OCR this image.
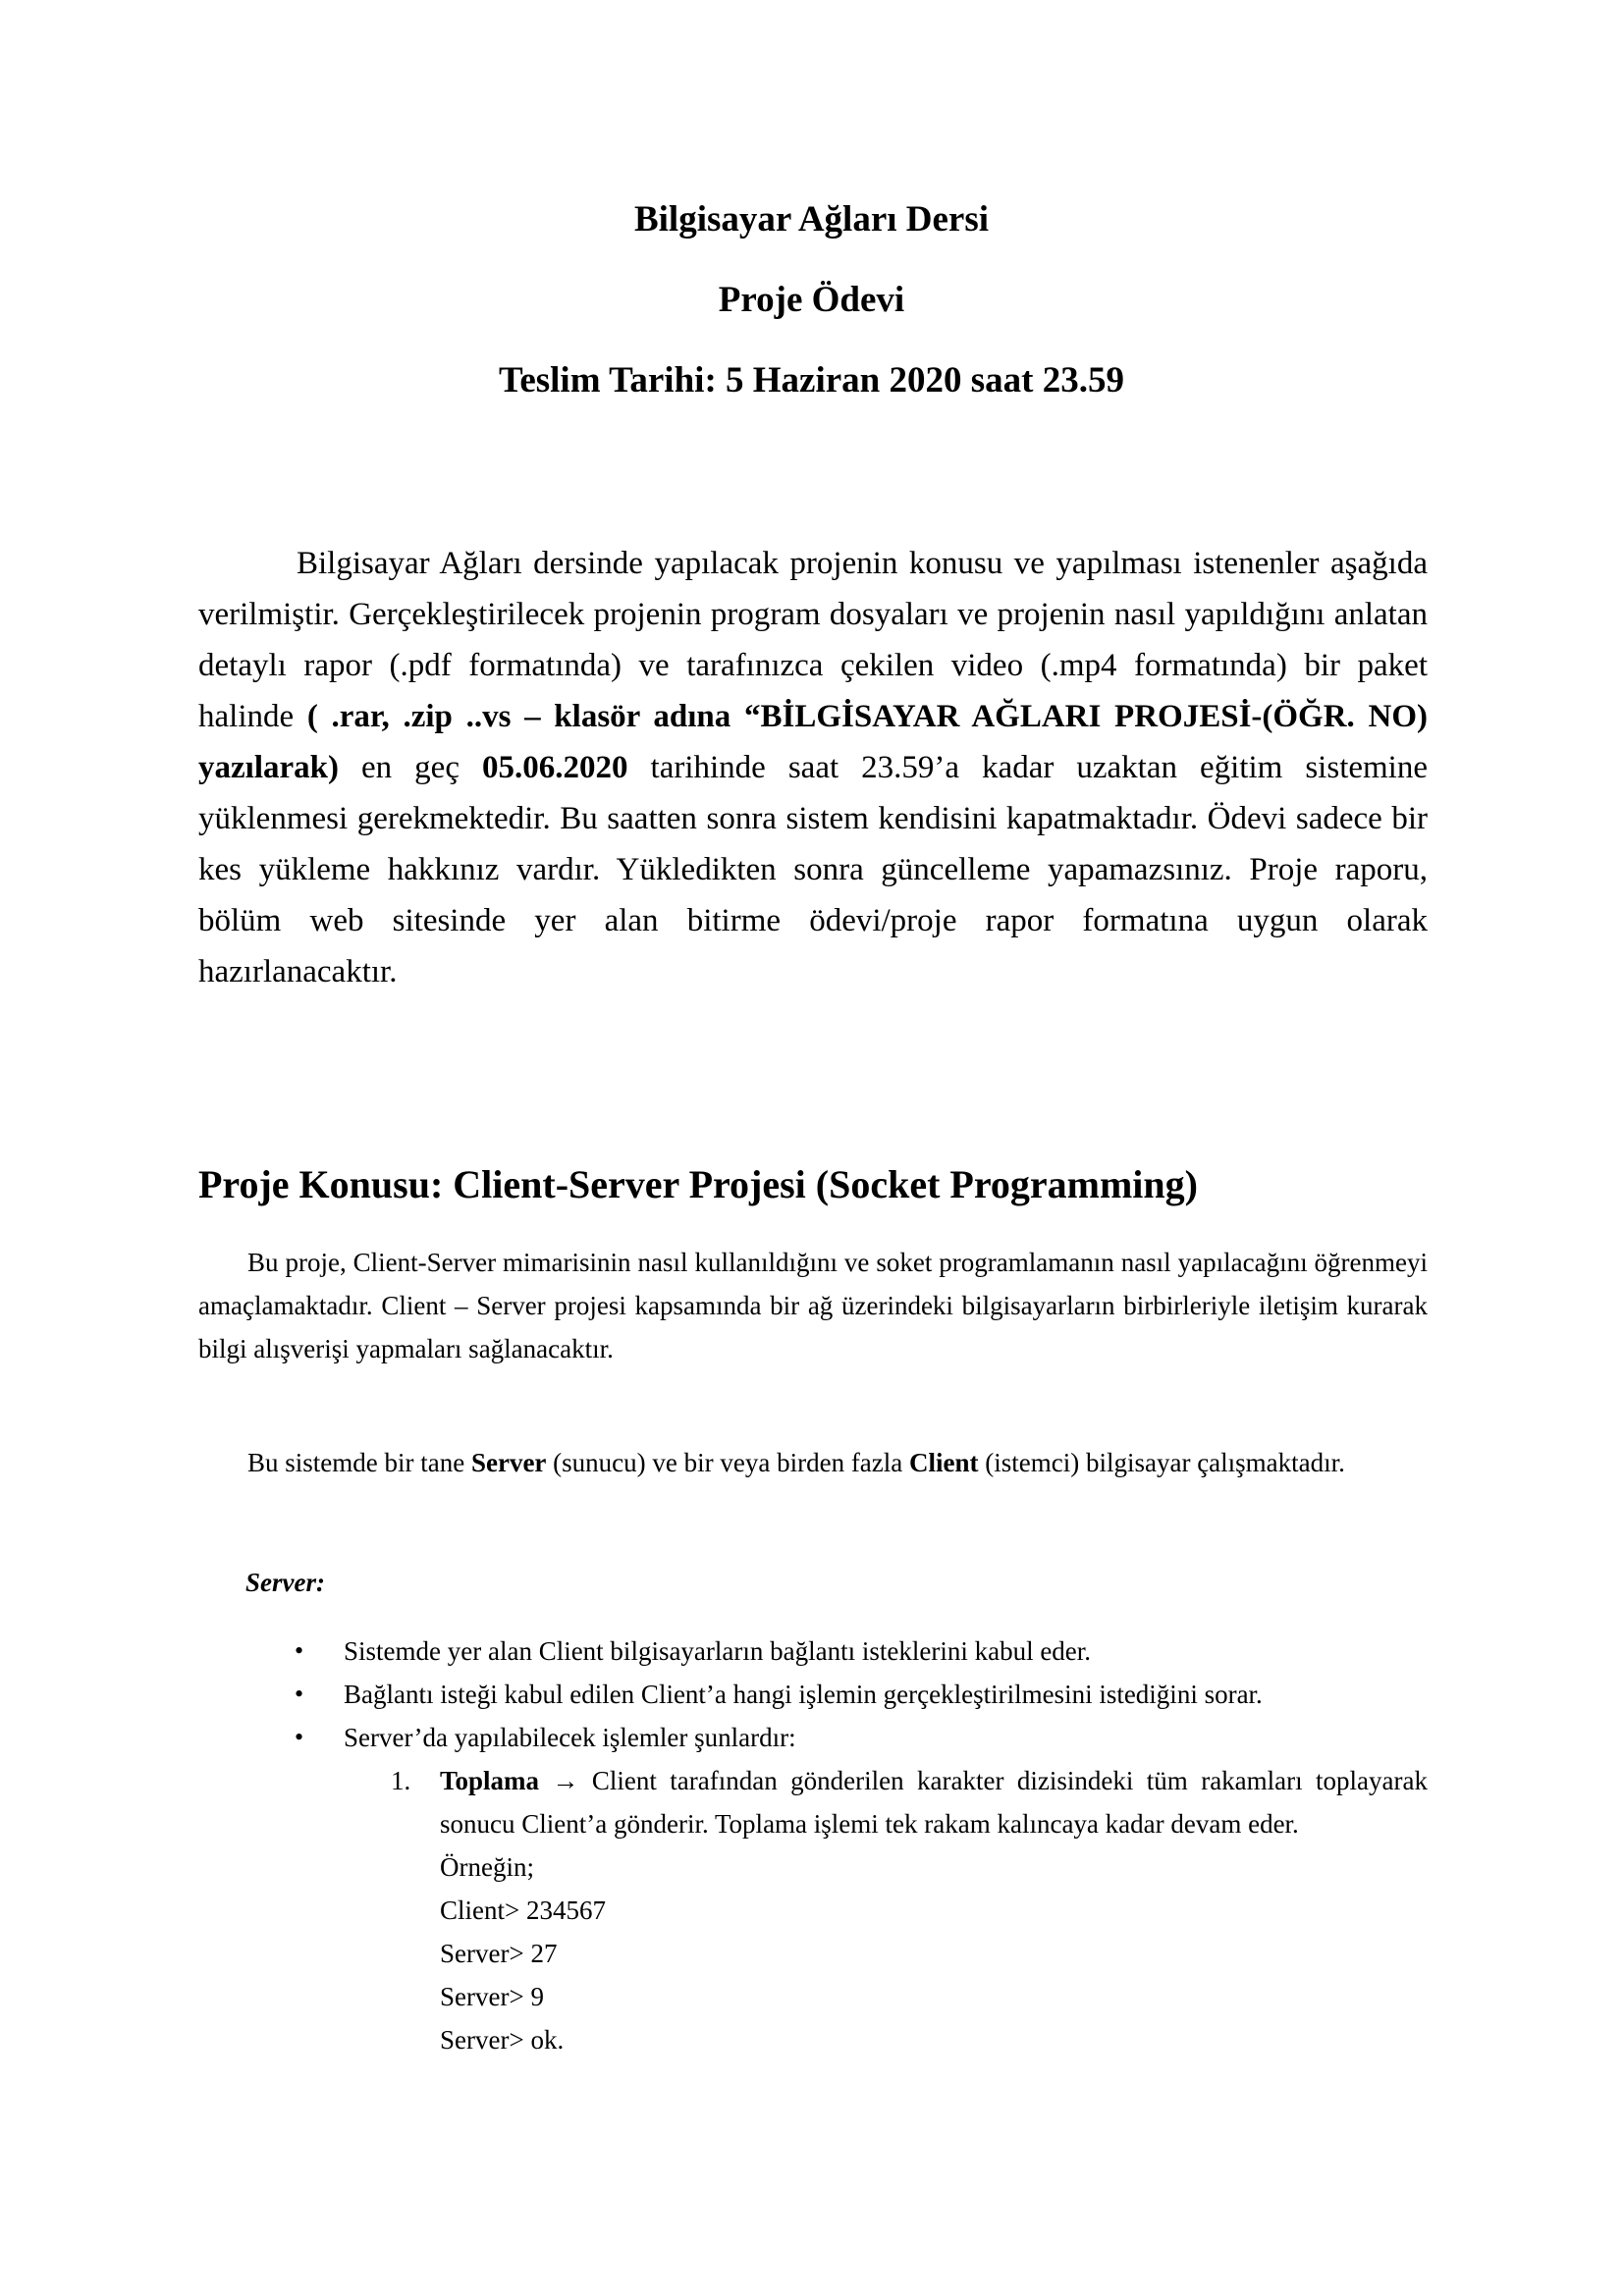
Bilgisayar Ağları Dersi
Proje Ödevi
Teslim Tarihi: 5 Haziran 2020 saat 23.59

Bilgisayar Ağları dersinde yapılacak projenin konusu ve yapılması istenenler aşağıda verilmiştir. Gerçekleştirilecek projenin program dosyaları ve projenin nasıl yapıldığını anlatan detaylı rapor (.pdf formatında) ve tarafınızca çekilen video (.mp4 formatında) bir paket halinde ( .rar, .zip ..vs – klasör adına “BİLGİSAYAR AĞLARI PROJESİ-(ÖĞR. NO) yazılarak) en geç 05.06.2020 tarihinde saat 23.59’a kadar uzaktan eğitim sistemine yüklenmesi gerekmektedir. Bu saatten sonra sistem kendisini kapatmaktadır. Ödevi sadece bir kes yükleme hakkınız vardır. Yükledikten sonra güncelleme yapamazsınız. Proje raporu, bölüm web sitesinde yer alan bitirme ödevi/proje rapor formatına uygun olarak hazırlanacaktır.

Proje Konusu: Client-Server Projesi (Socket Programming)

Bu proje, Client-Server mimarisinin nasıl kullanıldığını ve soket programlamanın nasıl yapılacağını öğrenmeyi amaçlamaktadır. Client – Server projesi kapsamında bir ağ üzerindeki bilgisayarların birbirleriyle iletişim kurarak bilgi alışverişi yapmaları sağlanacaktır.

Bu sistemde bir tane Server (sunucu) ve bir veya birden fazla Client (istemci) bilgisayar çalışmaktadır.

Server:

• Sistemde yer alan Client bilgisayarların bağlantı isteklerini kabul eder.
• Bağlantı isteği kabul edilen Client’a hangi işlemin gerçekleştirilmesini istediğini sorar.
• Server’da yapılabilecek işlemler şunlardır:
1. Toplama → Client tarafından gönderilen karakter dizisindeki tüm rakamları toplayarak sonucu Client’a gönderir. Toplama işlemi tek rakam kalıncaya kadar devam eder.
Örneğin;
Client> 234567
Server> 27
Server> 9
Server> ok.
